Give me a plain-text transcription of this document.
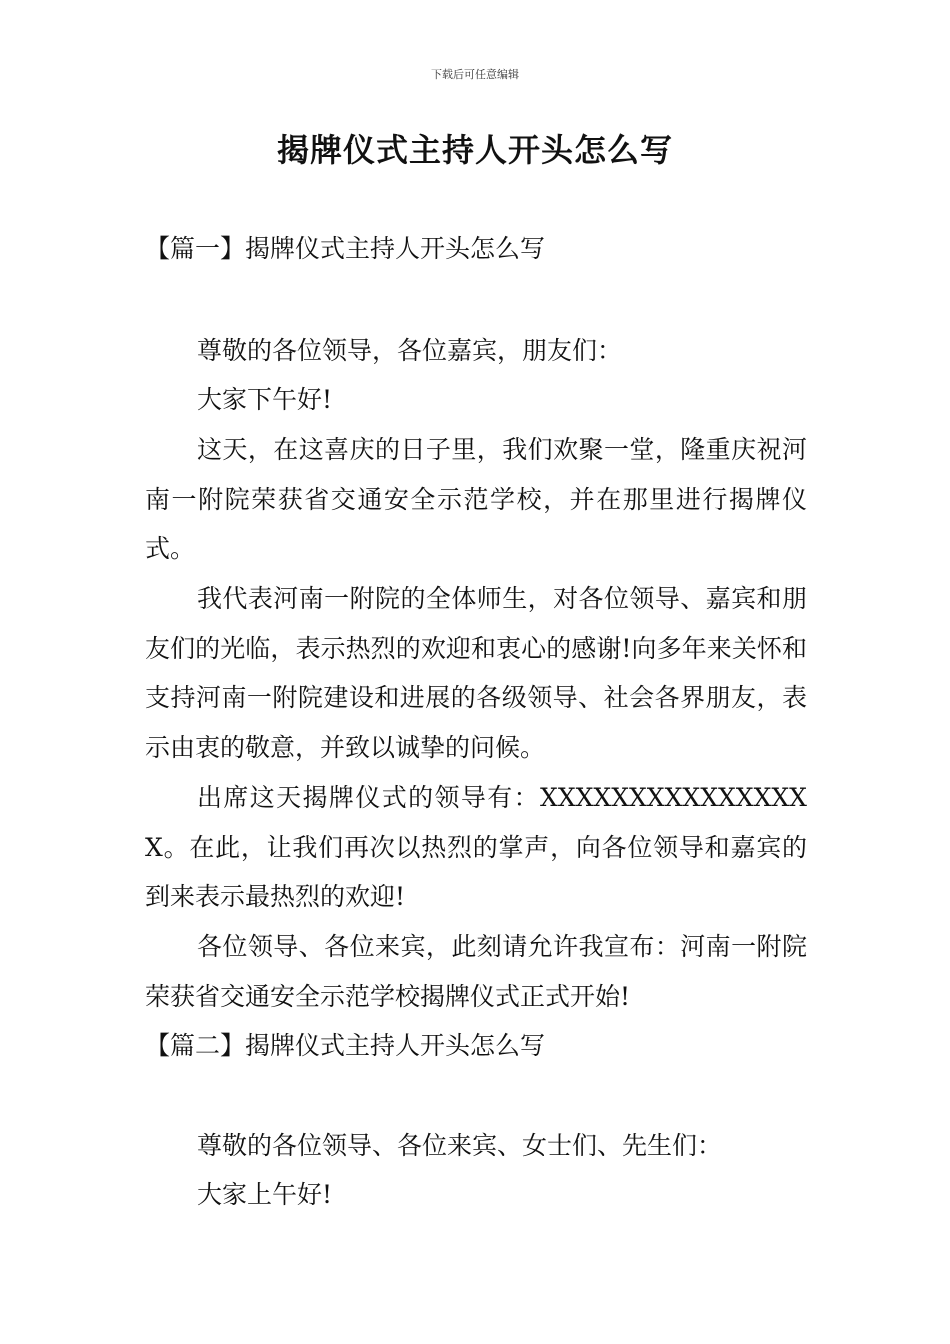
下载后可任意编辑
揭牌仪式主持人开头怎么写
【篇一】揭牌仪式主持人开头怎么写

尊敬的各位领导，各位嘉宾，朋友们：

大家下午好!

这天，在这喜庆的日子里，我们欢聚一堂，隆重庆祝河南一附院荣获省交通安全示范学校，并在那里进行揭牌仪式。

我代表河南一附院的全体师生，对各位领导、嘉宾和朋友们的光临，表示热烈的欢迎和衷心的感谢!向多年来关怀和支持河南一附院建设和进展的各级领导、社会各界朋友，表示由衷的敬意，并致以诚挚的问候。

出席这天揭牌仪式的领导有：XXXXXXXXXXXXXXXX。在此，让我们再次以热烈的掌声，向各位领导和嘉宾的到来表示最热烈的欢迎!

各位领导、各位来宾，此刻请允许我宣布：河南一附院荣获省交通安全示范学校揭牌仪式正式开始!

【篇二】揭牌仪式主持人开头怎么写

尊敬的各位领导、各位来宾、女士们、先生们：

大家上午好!
